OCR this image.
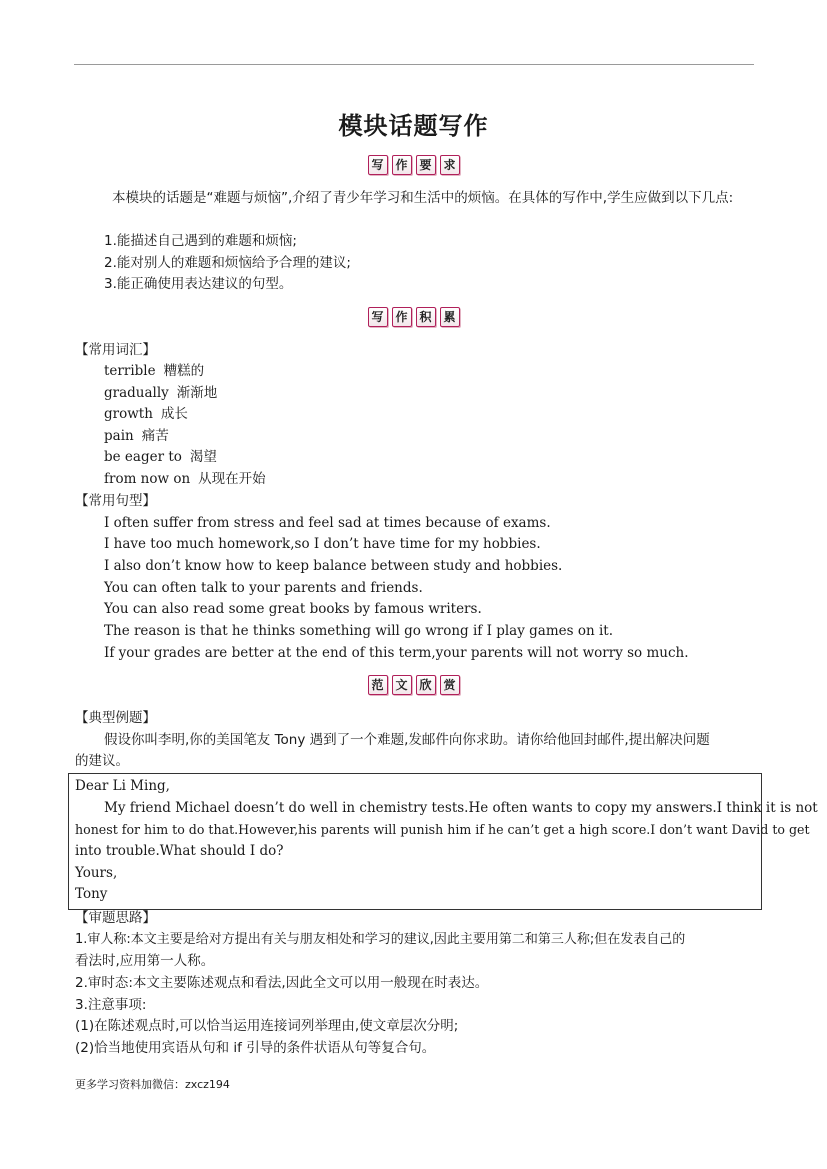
模块话题写作
写 作 要 求
本模块的话题是“难题与烦恼”,介绍了青少年学习和生活中的烦恼。在具体的写作中,学生应做到以下几点:
1.能描述自己遇到的难题和烦恼;
2.能对别人的难题和烦恼给予合理的建议;
3.能正确使用表达建议的句型。
写 作 积 累
【常用词汇】
terrible 糟糕的
gradually 渐渐地
growth 成长
pain 痛苦
be eager to 渴望
from now on 从现在开始
【常用句型】
I often suffer from stress and feel sad at times because of exams.
I have too much homework,so I don’t have time for my hobbies.
I also don’t know how to keep balance between study and hobbies.
You can often talk to your parents and friends.
You can also read some great books by famous writers.
The reason is that he thinks something will go wrong if I play games on it.
If your grades are better at the end of this term,your parents will not worry so much.
范 文 欣 赏
【典型例题】
假设你叫李明,你的美国笔友 Tony 遇到了一个难题,发邮件向你求助。请你给他回封邮件,提出解决问题
的建议。
Dear Li Ming,
My friend Michael doesn’t do well in chemistry tests.He often wants to copy my answers.I think it is not
honest for him to do that.However,his parents will punish him if he can’t get a high score.I don’t want David to get
into trouble.What should I do?
Yours,
Tony
【审题思路】
1.审人称:本文主要是给对方提出有关与朋友相处和学习的建议,因此主要用第二和第三人称;但在发表自己的
看法时,应用第一人称。
2.审时态:本文主要陈述观点和看法,因此全文可以用一般现在时表达。
3.注意事项:
(1)在陈述观点时,可以恰当运用连接词列举理由,使文章层次分明;
(2)恰当地使用宾语从句和 if 引导的条件状语从句等复合句。
更多学习资料加微信：zxcz194
